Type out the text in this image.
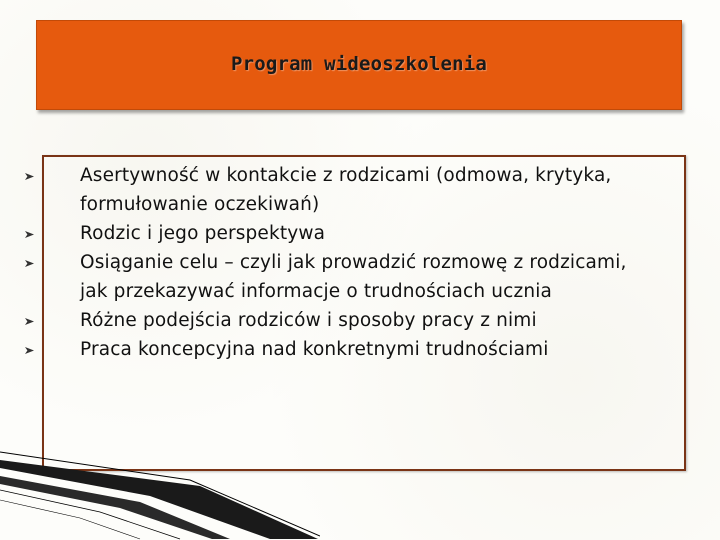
Program wideoszkolenia
Asertywność w kontakcie z rodzicami (odmowa, krytyka, formułowanie oczekiwań)
Rodzic i jego perspektywa
Osiąganie celu – czyli jak prowadzić rozmowę z rodzicami, jak przekazywać informacje o trudnościach ucznia
Różne podejścia rodziców i sposoby pracy z nimi
Praca koncepcyjna nad konkretnymi trudnościami
